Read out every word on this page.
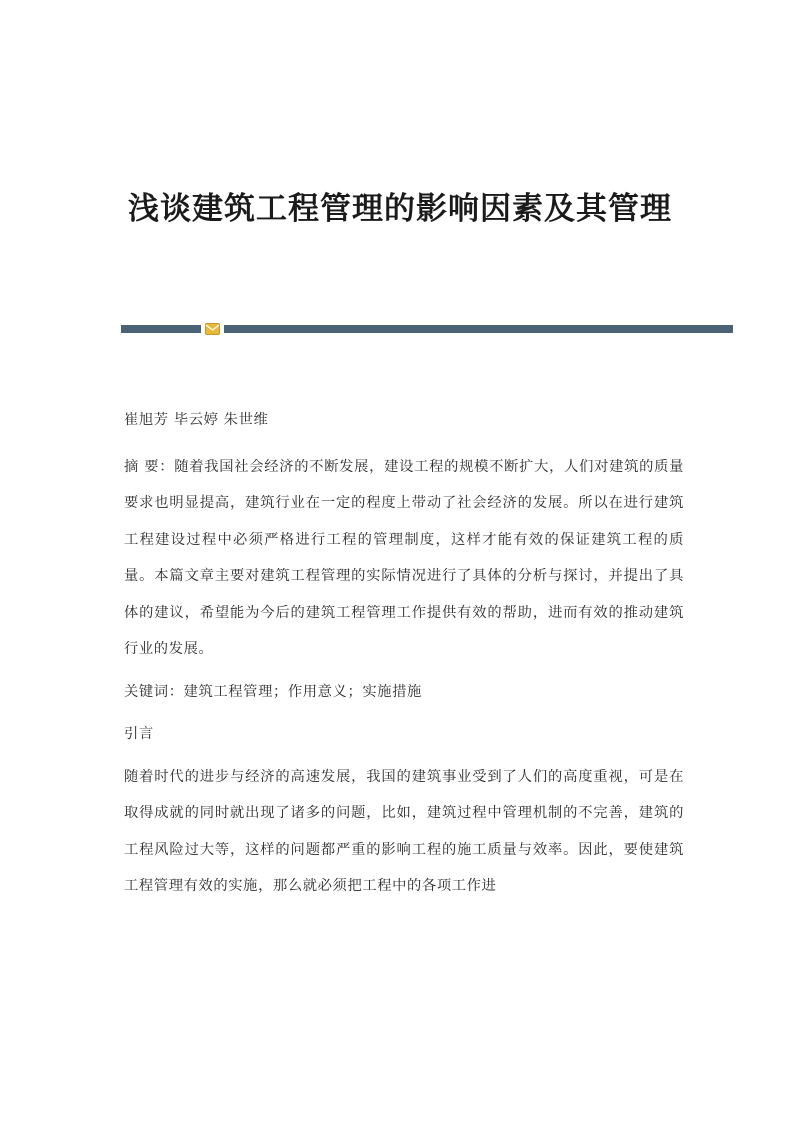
浅谈建筑工程管理的影响因素及其管理

崔旭芳 毕云婷 朱世维

摘 要：随着我国社会经济的不断发展，建设工程的规模不断扩大，人们对建筑的质量要求也明显提高，建筑行业在一定的程度上带动了社会经济的发展。所以在进行建筑工程建设过程中必须严格进行工程的管理制度，这样才能有效的保证建筑工程的质量。本篇文章主要对建筑工程管理的实际情况进行了具体的分析与探讨，并提出了具体的建议，希望能为今后的建筑工程管理工作提供有效的帮助，进而有效的推动建筑行业的发展。

关键词：建筑工程管理；作用意义；实施措施

引言

随着时代的进步与经济的高速发展，我国的建筑事业受到了人们的高度重视，可是在取得成就的同时就出现了诸多的问题，比如，建筑过程中管理机制的不完善，建筑的工程风险过大等，这样的问题都严重的影响工程的施工质量与效率。因此，要使建筑工程管理有效的实施，那么就必须把工程中的各项工作进
